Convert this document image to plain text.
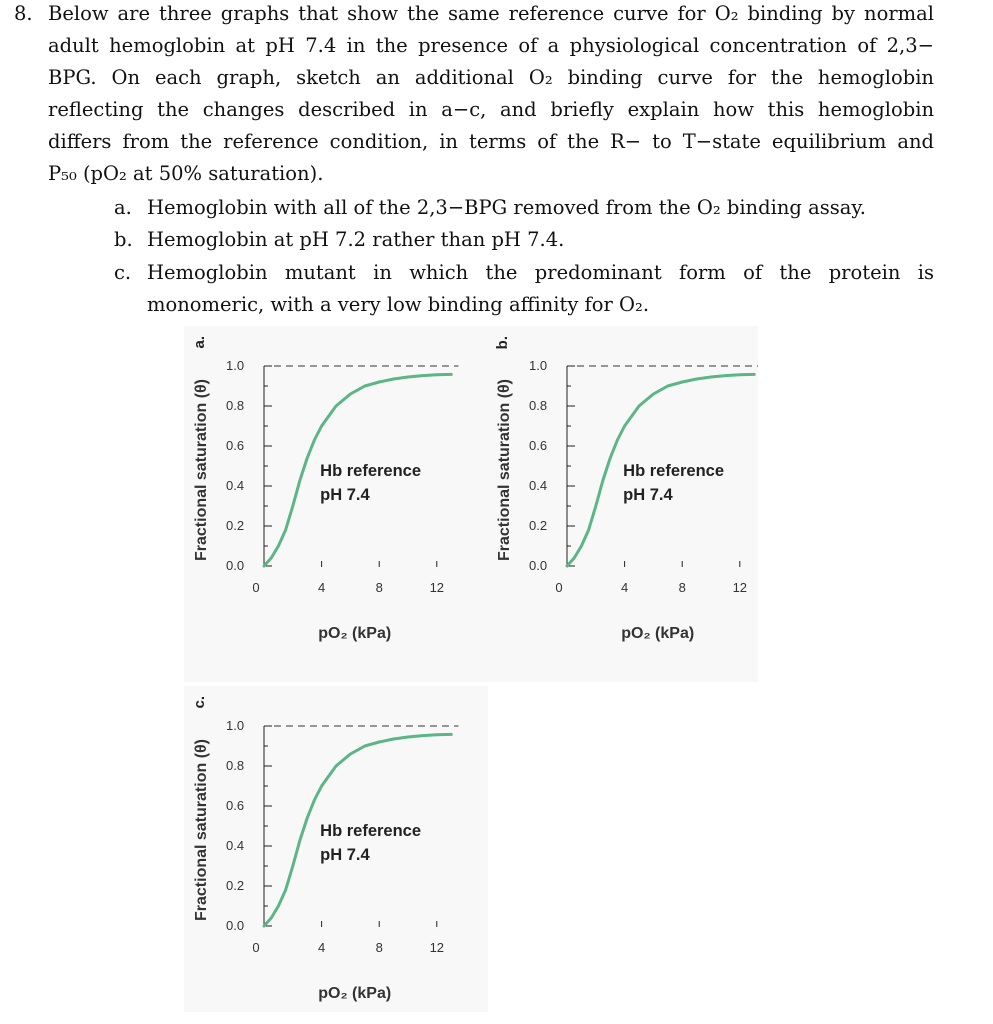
8. Below are three graphs that show the same reference curve for O₂ binding by normal
adult hemoglobin at pH 7.4 in the presence of a physiological concentration of 2,3−
BPG. On each graph, sketch an additional O₂ binding curve for the hemoglobin
reflecting the changes described in a−c, and briefly explain how this hemoglobin
differs from the reference condition, in terms of the R− to T−state equilibrium and
P₅₀ (pO₂ at 50% saturation).
a. Hemoglobin with all of the 2,3−BPG removed from the O₂ binding assay.
b. Hemoglobin at pH 7.2 rather than pH 7.4.
c. Hemoglobin mutant in which the predominant form of the protein is
monomeric, with a very low binding affinity for O₂.
a.
Fractional saturation (θ)
0.0
0.2
0.4
0.6
0.8
1.0
0	4	8	12
pO₂ (kPa)
Hb reference
pH 7.4
b.
Fractional saturation (θ)
0.0
0.2
0.4
0.6
0.8
1.0
0	4	8	12
pO₂ (kPa)
Hb reference
pH 7.4
c.
Fractional saturation (θ)
0.0
0.2
0.4
0.6
0.8
1.0
0	4	8	12
pO₂ (kPa)
Hb reference
pH 7.4
